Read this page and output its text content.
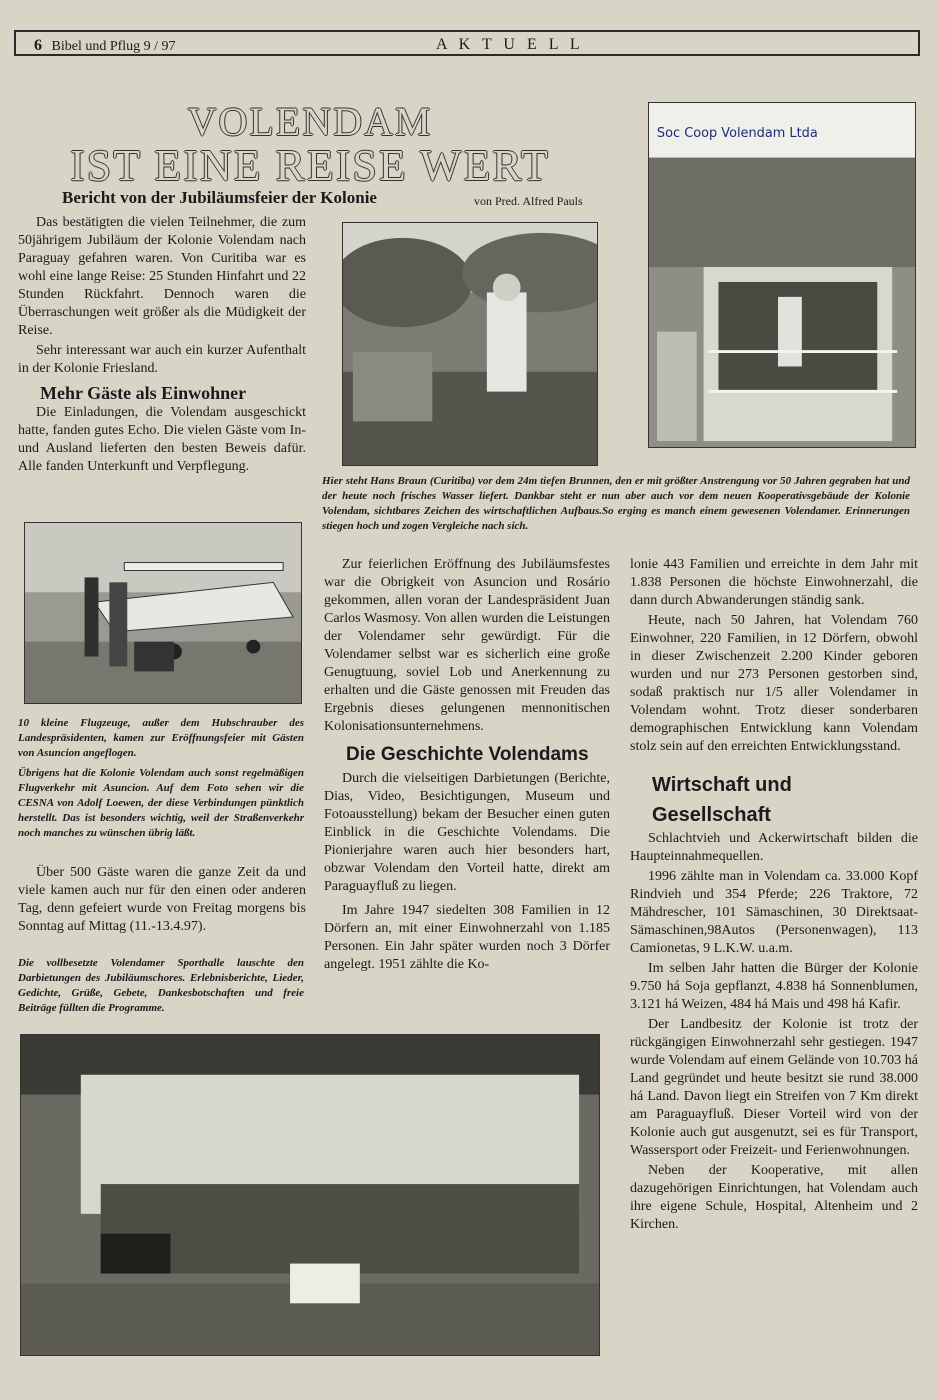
6 Bibel und Pflug 9 / 97	A K T U E L L
VOLENDAM
IST EINE REISE WERT
Bericht von der Jubiläumsfeier der Kolonie	von Pred. Alfred Pauls

Das bestätigten die vielen Teilnehmer, die zum 50jährigem Jubiläum der Kolonie Volendam nach Paraguay gefahren waren. Von Curitiba war es wohl eine lange Reise: 25 Stunden Hinfahrt und 22 Stunden Rückfahrt. Dennoch waren die Überraschungen weit größer als die Müdigkeit der Reise.

Sehr interessant war auch ein kurzer Aufenthalt in der Kolonie Friesland.

Mehr Gäste als Einwohner

Die Einladungen, die Volendam ausgeschickt hatte, fanden gutes Echo. Die vielen Gäste vom In- und Ausland lieferten den besten Beweis dafür. Alle fanden Unterkunft und Verpflegung.

10 kleine Flugzeuge, außer dem Hubschrauber des Landespräsidenten, kamen zur Eröffnungsfeier mit Gästen von Asuncion angeflogen.
Übrigens hat die Kolonie Volendam auch sonst regelmäßigen Flugverkehr mit Asuncion. Auf dem Foto sehen wir die CESNA von Adolf Loewen, der diese Verbindungen pünktlich herstellt. Das ist besonders wichtig, weil der Straßenverkehr noch manches zu wünschen übrig läßt.

Über 500 Gäste waren die ganze Zeit da und viele kamen auch nur für den einen oder anderen Tag, denn gefeiert wurde von Freitag morgens bis Sonntag auf Mittag (11.-13.4.97).

Die vollbesetzte Volendamer Sporthalle lauschte den Darbietungen des Jubiläumschores. Erlebnisberichte, Lieder, Gedichte, Grüße, Gebete, Dankesbotschaften und freie Beiträge füllten die Programme.
Soc Coop Volendam Ltda
Hier steht Hans Braun (Curitiba) vor dem 24m tiefen Brunnen, den er mit größter Anstrengung vor 50 Jahren gegraben hat und der heute noch frisches Wasser liefert. Dankbar steht er nun aber auch vor dem neuen Kooperativsgebäude der Kolonie Volendam, sichtbares Zeichen des wirtschaftlichen Aufbaus.So erging es manch einem gewesenen Volendamer. Erinnerungen stiegen hoch und zogen Vergleiche nach sich.

Zur feierlichen Eröffnung des Jubiläumsfestes war die Obrigkeit von Asuncion und Rosário gekommen, allen voran der Landespräsident Juan Carlos Wasmosy. Von allen wurden die Leistungen der Volendamer sehr gewürdigt. Für die Volendamer selbst war es sicherlich eine große Genugtuung, soviel Lob und Anerkennung zu erhalten und die Gäste genossen mit Freuden das Ergebnis dieses gelungenen mennonitischen Kolonisationsunternehmens.

Die Geschichte Volendams

Durch die vielseitigen Darbietungen (Berichte, Dias, Video, Besichtigungen, Museum und Fotoausstellung) bekam der Besucher einen guten Einblick in die Geschichte Volendams. Die Pionierjahre waren auch hier besonders hart, obzwar Volendam den Vorteil hatte, direkt am Paraguayfluß zu liegen.

Im Jahre 1947 siedelten 308 Familien in 12 Dörfern an, mit einer Einwohnerzahl von 1.185 Personen. Ein Jahr später wurden noch 3 Dörfer angelegt. 1951 zählte die Ko-

lonie 443 Familien und erreichte in dem Jahr mit 1.838 Personen die höchste Einwohnerzahl, die dann durch Abwanderungen ständig sank.

Heute, nach 50 Jahren, hat Volendam 760 Einwohner, 220 Familien, in 12 Dörfern, obwohl in dieser Zwischenzeit 2.200 Kinder geboren wurden und nur 273 Personen gestorben sind, sodaß praktisch nur 1/5 aller Volendamer in Volendam wohnt. Trotz dieser sonderbaren demographischen Entwicklung kann Volendam stolz sein auf den erreichten Entwicklungsstand.

Wirtschaft und
Gesellschaft

Schlachtvieh und Ackerwirtschaft bilden die Haupteinnahmequellen.

1996 zählte man in Volendam ca. 33.000 Kopf Rindvieh und 354 Pferde; 226 Traktore, 72 Mähdrescher, 101 Sämaschinen, 30 Direktsaat- Sämaschinen,98Autos (Personenwagen), 113 Camionetas, 9 L.K.W. u.a.m.

Im selben Jahr hatten die Bürger der Kolonie 9.750 há Soja gepflanzt, 4.838 há Sonnenblumen, 3.121 há Weizen, 484 há Mais und 498 há Kafir.

Der Landbesitz der Kolonie ist trotz der rückgängigen Einwohnerzahl sehr gestiegen. 1947 wurde Volendam auf einem Gelände von 10.703 há Land gegründet und heute besitzt sie rund 38.000 há Land. Davon liegt ein Streifen von 7 Km direkt am Paraguayfluß. Dieser Vorteil wird von der Kolonie auch gut ausgenutzt, sei es für Transport, Wassersport oder Freizeit- und Ferienwohnungen.

Neben der Kooperative, mit allen dazugehörigen Einrichtungen, hat Volendam auch ihre eigene Schule, Hospital, Altenheim und 2 Kirchen.
